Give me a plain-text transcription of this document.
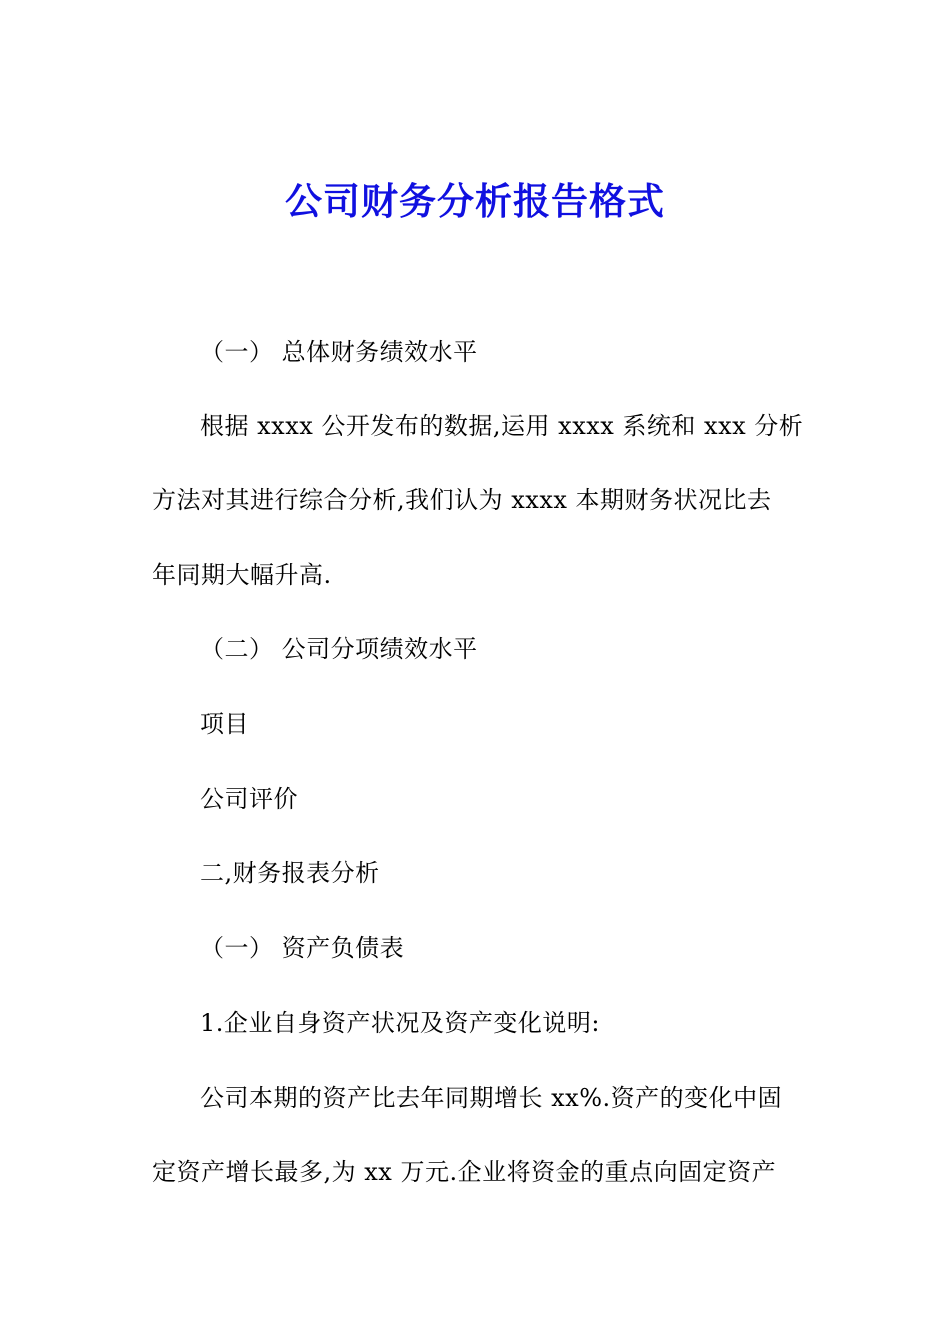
公司财务分析报告格式
（一） 总体财务绩效水平
根据 xxxx 公开发布的数据,运用 xxxx 系统和 xxx 分析
方法对其进行综合分析,我们认为 xxxx 本期财务状况比去
年同期大幅升高.
（二） 公司分项绩效水平
项目
公司评价
二,财务报表分析
（一） 资产负债表
1.企业自身资产状况及资产变化说明:
公司本期的资产比去年同期增长 xx%.资产的变化中固
定资产增长最多,为 xx 万元.企业将资金的重点向固定资产
